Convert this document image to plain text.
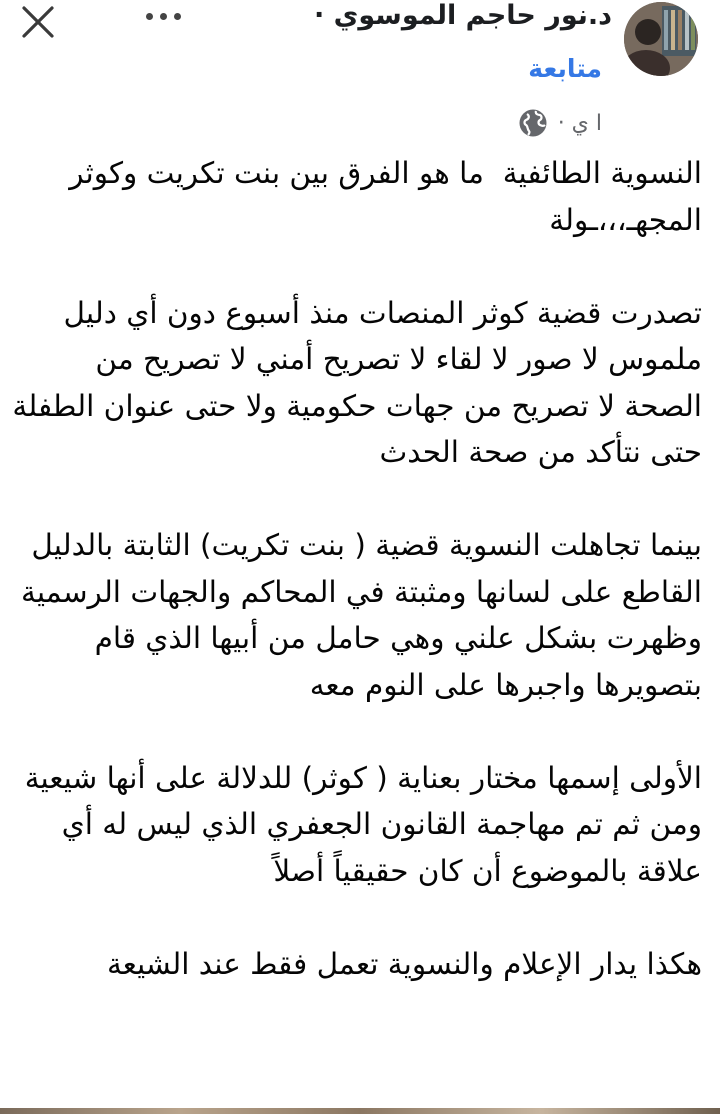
د.نور حاجم الموسوي ·
متابعة
ا ي ·

النسوية الطائفية  ما هو الفرق بين بنت تكريت وكوثر المجهـ،،،ـولة

تصدرت قضية كوثر المنصات منذ أسبوع دون أي دليل ملموس لا صور لا لقاء لا تصريح أمني لا تصريح من الصحة لا تصريح من جهات حكومية ولا حتى عنوان الطفلة حتى نتأكد من صحة الحدث

بينما تجاهلت النسوية قضية ( بنت تكريت) الثابتة بالدليل القاطع على لسانها ومثبتة في المحاكم والجهات الرسمية وظهرت بشكل علني وهي حامل من أبيها الذي قام بتصويرها واجبرها على النوم معه

الأولى إسمها مختار بعناية ( كوثر) للدلالة على أنها شيعية ومن ثم تم مهاجمة القانون الجعفري الذي ليس له أي علاقة بالموضوع أن كان حقيقياً أصلاً

هكذا يدار الإعلام والنسوية تعمل فقط عند الشيعة
